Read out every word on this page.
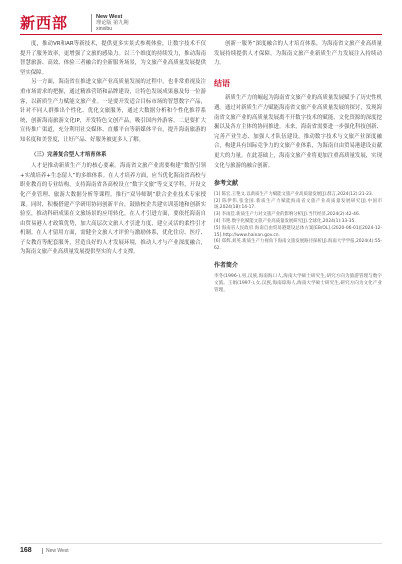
新西部	New West
理论版 第九期
xinxibu

度，推动VR和AR等新技术，提供更多实景式参观体验，让数字技术不仅提升了服务效率，更增强了文旅的感染力。以三个维度的持续发力，推动海南智慧旅游、高效、体验三者融合的全新服务场景，为文旅产业高质量发展提供坚实保障。

另一方面，海南省在推进文旅产业高质量发展的过程中，也非常重视及注重市场需求的把握，通过精准营销和品牌建设，让特色发展成果惠及每一位游客，以新质生产力赋能文旅产业。一是要开发适合目标市场的智慧数字产品，针对不同人群推出个性化、优化文旅服务，通过大数据分析和个性化推荐系统，创新海南旅游文化IP，开发特色文创产品，吸引国内外游客。二是要扩大宣传推广渠道，充分利用社交媒体、直播平台等新媒体平台，提升海南旅游的知名度和美誉度，让好产品、好服务被更多人了解。

（三）完善复合型人才培育体系

人才是推动新质生产力的核心要素。海南省文旅产业需要构建“数智引领+实战培养+生态留人”的多维体系。在人才培养方面，应当优化海南省高校与职业教育的专业结构，支持海南省各高校设立“数字文旅”等交叉学科，开设文化产业管理、旅游大数据分析等课程，推行“双导师制”联合企业技术专家授课。同时，积极搭建产学研用协同创新平台，鼓励校企共建实训基地和创新实验室，推动科研成果在文旅场景的应用转化。在人才引进方面，要依托海南自由贸易港人才政策优势，加大高层次文旅人才引进力度，建立灵活的柔性引才机制。在人才留用方面，需健全文旅人才评价与激励体系，优化住房、医疗、子女教育等配套服务，营造良好的人才发展环境，推动人才与产业深度融合，为海南文旅产业高质量发展提供坚实的人才支撑。

创新一服务”深度融合的人才培育体系，为海南省文旅产业高质量发展持续提供人才保障，为海南文旅产业新质生产力发展注入持续动力。

结语

新质生产力的崛起为海南省文旅产业的高质量发展赋予了历史性机遇。通过对新质生产力赋能海南省文旅产业高质量发展的探讨，发现海南省文旅产业的高质量发展离不开数字技术的赋能、文化资源的深度挖掘以及各方主体的协同推进。未来，海南省需要进一步强化科技创新、完善产业生态、加强人才队伍建设，推动数字技术与文旅产业深度融合，构建具有国际竞争力的文旅产业体系，为海南自由贸易港建设贡献更大的力量。在此基础上，海南文旅产业将更加注重高质量发展，实现文化与旅游的融合创新。

参考文献
[1] 陈宏,王艳文.以新质生产力赋能文旅产业高质量发展[J].群言,2024(12):21-23.
[2] 陈伊伟,张金国.新质生产力赋能海南省文旅产业高质量发展研究[J].中国市场,2024(18):14-17.
[3] 李雨佳.新质生产力对文旅产业的影响分析[J].当代经济,2024(2):42-46.
[4] 韦艳.数字化赋能文旅产业高质量发展研究[J].全球化,2024(1):33-35.
[5] 海南省人民政府.海南自由贸易港建设总体方案[EB/OL].(2020-06-01)[2024-12-15].http://www.hainan.gov.cn.
[6] 郑辉,刘英.新质生产力视角下海南文旅发展路径探析[J].海南大学学报,2024(4):55-62.
作者简介
李冬(1996-),男,汉族,海南海口人,海南大学硕士研究生,研究方向为旅游管理与数字文旅。王娟(1997-),女,汉族,海南琼海人,海南大学硕士研究生,研究方向为文化产业管理。
168	New West
